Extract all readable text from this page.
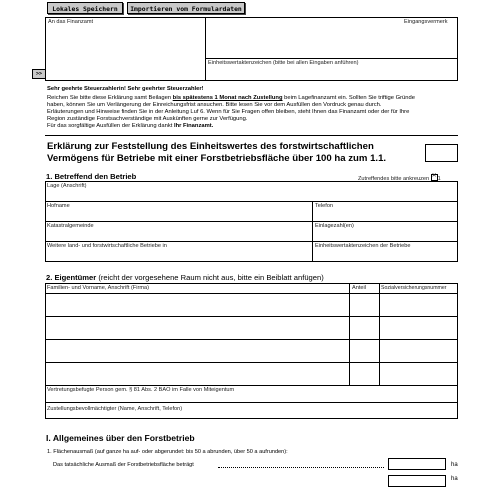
Lokales Speichern	Importieren vom Formulardaten
An das Finanzamt	Eingangsvermerk
Einheitswertaktenzeichen (bitte bei allen Eingaben anführen)
>>
Sehr geehrte Steuerzahlerin! Sehr geehrter Steuerzahler!
Reichen Sie bitte diese Erklärung samt Beilagen bis spätestens 1 Monat nach Zustellung beim Lagefinanzamt ein. Sollten Sie triftige Gründe
haben, können Sie um Verlängerung der Einreichungsfrist ansuchen. Bitte lesen Sie vor dem Ausfüllen den Vordruck genau durch.
Erläuterungen und Hinweise finden Sie in der Anleitung Luf 6. Wenn für Sie Fragen offen bleiben, steht Ihnen das Finanzamt oder der für Ihre
Region zuständige Forstsachverständige mit Auskünften gerne zur Verfügung.
Für das sorgfältige Ausfüllen der Erklärung dankt Ihr Finanzamt.
Erklärung zur Feststellung des Einheitswertes des forstwirtschaftlichen
Vermögens für Betriebe mit einer Forstbetriebsfläche über 100 ha zum 1.1.
1. Betreffend den Betrieb	Zutreffendes bitte ankreuzen ✕ 1
Lage (Anschrift)
Hofname	Telefon
Katastralgemeinde	Einlagezahl(en)
Weitere land- und forstwirtschaftliche Betriebe in	Einheitswertaktenzeichen der Betriebe
2. Eigentümer (reicht der vorgesehene Raum nicht aus, bitte ein Beiblatt anfügen)
Familien- und Vorname, Anschrift (Firma)	Anteil	Sozialversicherungsnummer
Vertretungsbefugte Person gem. § 81 Abs. 2 BAO im Falle von Miteigentum
Zustellungsbevollmächtigter (Name, Anschrift, Telefon)
I. Allgemeines über den Forstbetrieb
1. Flächenausmaß (auf ganze ha auf- oder abgerundet: bis 50 a abrunden, über 50 a aufrunden):
Das tatsächliche Ausmaß der Forstbetriebsfläche beträgt	ha
ha
